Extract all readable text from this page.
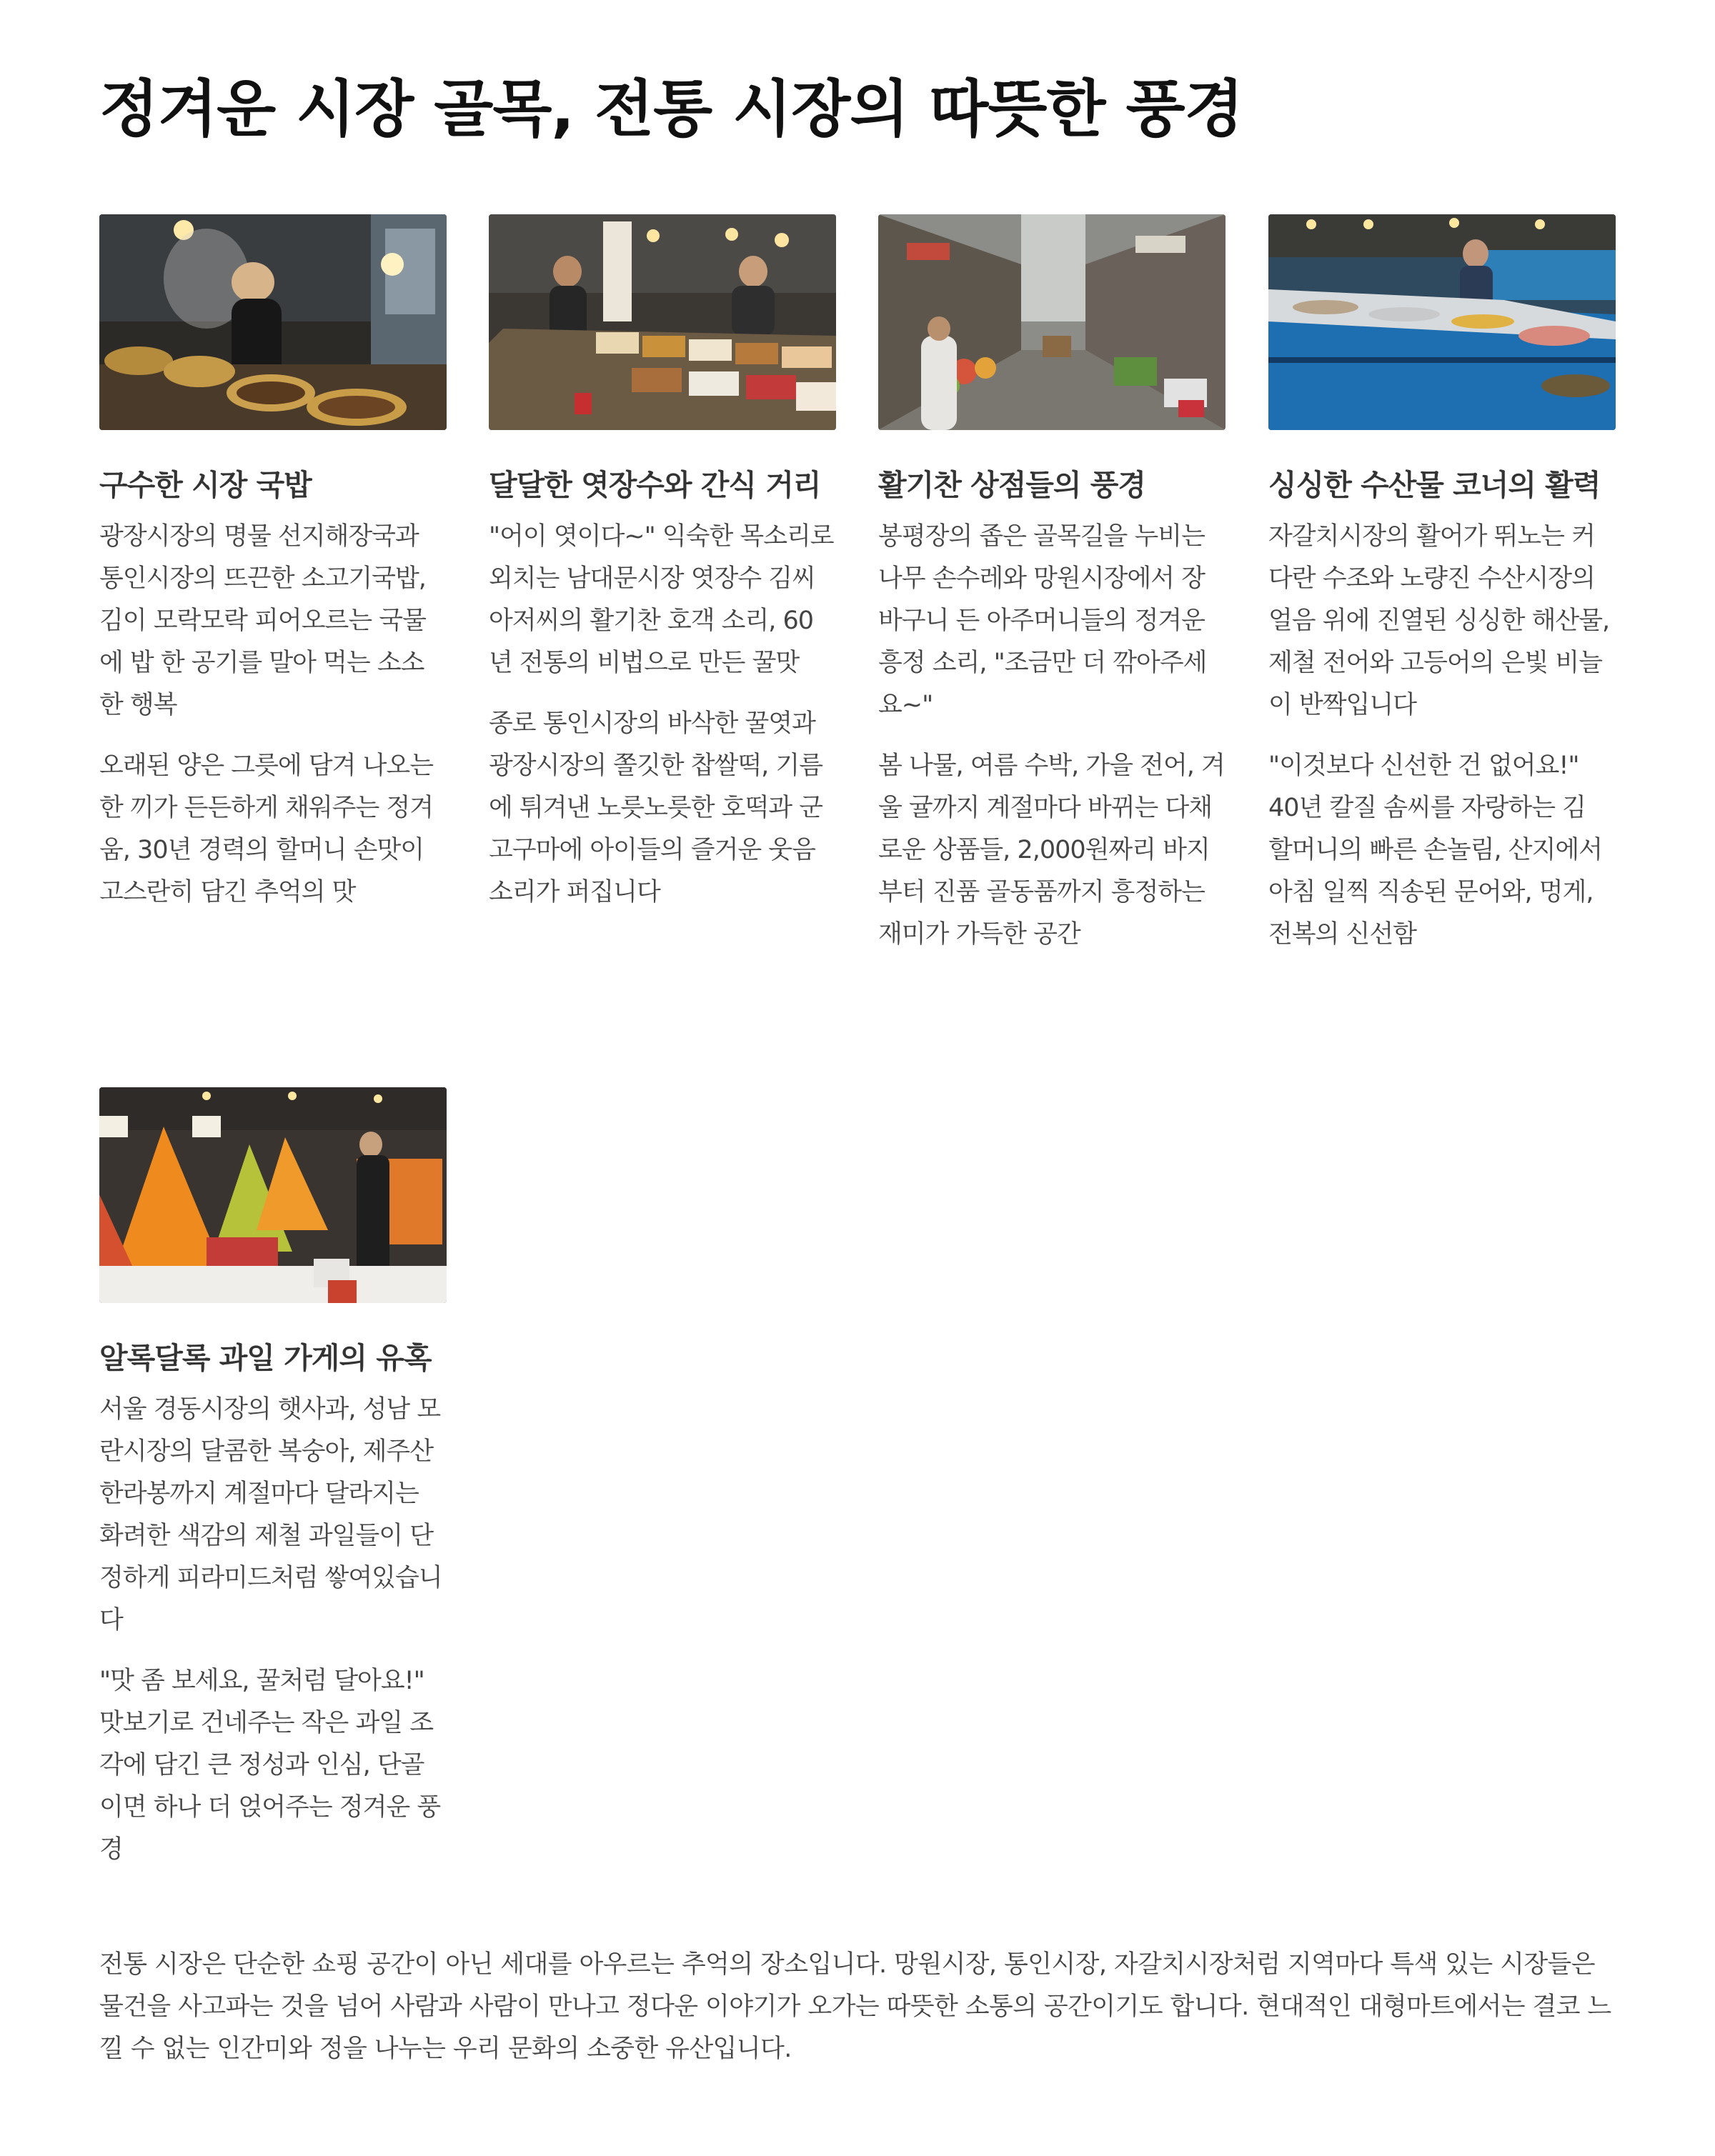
정겨운 시장 골목, 전통 시장의 따뜻한 풍경
구수한 시장 국밥

광장시장의 명물 선지해장국과 통인시장의 뜨끈한 소고기국밥, 김이 모락모락 피어오르는 국물에 밥 한 공기를 말아 먹는 소소한 행복

오래된 양은 그릇에 담겨 나오는 한 끼가 든든하게 채워주는 정겨움, 30년 경력의 할머니 손맛이 고스란히 담긴 추억의 맛

달달한 엿장수와 간식 거리

"어이 엿이다~" 익숙한 목소리로 외치는 남대문시장 엿장수 김씨 아저씨의 활기찬 호객 소리, 60년 전통의 비법으로 만든 꿀맛

종로 통인시장의 바삭한 꿀엿과 광장시장의 쫄깃한 찹쌀떡, 기름에 튀겨낸 노릇노릇한 호떡과 군고구마에 아이들의 즐거운 웃음소리가 퍼집니다

활기찬 상점들의 풍경

봉평장의 좁은 골목길을 누비는 나무 손수레와 망원시장에서 장바구니 든 아주머니들의 정겨운 흥정 소리, "조금만 더 깎아주세요~"

봄 나물, 여름 수박, 가을 전어, 겨울 귤까지 계절마다 바뀌는 다채로운 상품들, 2,000원짜리 바지부터 진품 골동품까지 흥정하는 재미가 가득한 공간

싱싱한 수산물 코너의 활력

자갈치시장의 활어가 뛰노는 커다란 수조와 노량진 수산시장의 얼음 위에 진열된 싱싱한 해산물, 제철 전어와 고등어의 은빛 비늘이 반짝입니다

"이것보다 신선한 건 없어요!" 40년 칼질 솜씨를 자랑하는 김 할머니의 빠른 손놀림, 산지에서 아침 일찍 직송된 문어와, 멍게, 전복의 신선함

알록달록 과일 가게의 유혹

서울 경동시장의 햇사과, 성남 모란시장의 달콤한 복숭아, 제주산 한라봉까지 계절마다 달라지는 화려한 색감의 제철 과일들이 단정하게 피라미드처럼 쌓여있습니다

"맛 좀 보세요, 꿀처럼 달아요!" 맛보기로 건네주는 작은 과일 조각에 담긴 큰 정성과 인심, 단골이면 하나 더 얹어주는 정겨운 풍경

전통 시장은 단순한 쇼핑 공간이 아닌 세대를 아우르는 추억의 장소입니다. 망원시장, 통인시장, 자갈치시장처럼 지역마다 특색 있는 시장들은 물건을 사고파는 것을 넘어 사람과 사람이 만나고 정다운 이야기가 오가는 따뜻한 소통의 공간이기도 합니다. 현대적인 대형마트에서는 결코 느낄 수 없는 인간미와 정을 나누는 우리 문화의 소중한 유산입니다.
